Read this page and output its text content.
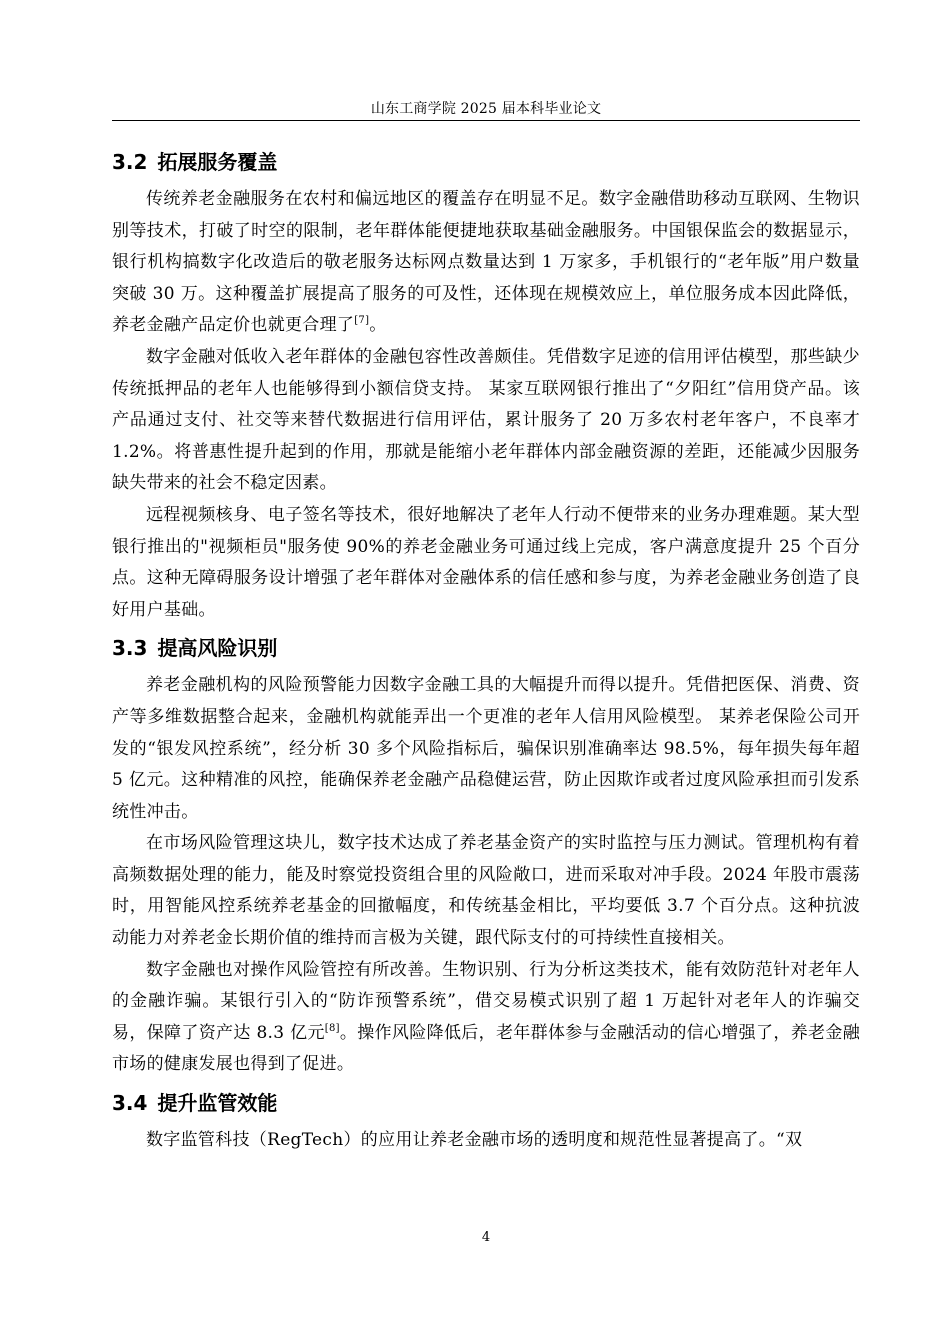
山东工商学院 2025 届本科毕业论文
3.2 拓展服务覆盖

传统养老金融服务在农村和偏远地区的覆盖存在明显不足。数字金融借助移动互联网、生物识别等技术，打破了时空的限制，老年群体能便捷地获取基础金融服务。中国银保监会的数据显示，银行机构搞数字化改造后的敬老服务达标网点数量达到 1 万家多，手机银行的“老年版”用户数量突破 30 万。这种覆盖扩展提高了服务的可及性，还体现在规模效应上，单位服务成本因此降低，养老金融产品定价也就更合理了[7]。

数字金融对低收入老年群体的金融包容性改善颇佳。凭借数字足迹的信用评估模型，那些缺少传统抵押品的老年人也能够得到小额信贷支持。 某家互联网银行推出了“夕阳红”信用贷产品。该产品通过支付、社交等来替代数据进行信用评估，累计服务了 20 万多农村老年客户，不良率才 1.2%。将普惠性提升起到的作用，那就是能缩小老年群体内部金融资源的差距，还能减少因服务缺失带来的社会不稳定因素。

远程视频核身、电子签名等技术，很好地解决了老年人行动不便带来的业务办理难题。某大型银行推出的"视频柜员"服务使 90%的养老金融业务可通过线上完成，客户满意度提升 25 个百分点。这种无障碍服务设计增强了老年群体对金融体系的信任感和参与度，为养老金融业务创造了良好用户基础。

3.3 提高风险识别

养老金融机构的风险预警能力因数字金融工具的大幅提升而得以提升。凭借把医保、消费、资产等多维数据整合起来，金融机构就能弄出一个更准的老年人信用风险模型。 某养老保险公司开发的“银发风控系统”，经分析 30 多个风险指标后，骗保识别准确率达 98.5%，每年损失每年超 5 亿元。这种精准的风控，能确保养老金融产品稳健运营，防止因欺诈或者过度风险承担而引发系统性冲击。

在市场风险管理这块儿，数字技术达成了养老基金资产的实时监控与压力测试。管理机构有着高频数据处理的能力，能及时察觉投资组合里的风险敞口，进而采取对冲手段。2024 年股市震荡时，用智能风控系统养老基金的回撤幅度，和传统基金相比，平均要低 3.7 个百分点。这种抗波动能力对养老金长期价值的维持而言极为关键，跟代际支付的可持续性直接相关。

数字金融也对操作风险管控有所改善。生物识别、行为分析这类技术，能有效防范针对老年人的金融诈骗。某银行引入的“防诈预警系统”，借交易模式识别了超 1 万起针对老年人的诈骗交易，保障了资产达 8.3 亿元[8]。操作风险降低后，老年群体参与金融活动的信心增强了，养老金融市场的健康发展也得到了促进。

3.4 提升监管效能

数字监管科技（RegTech）的应用让养老金融市场的透明度和规范性显著提高了。“双

4
